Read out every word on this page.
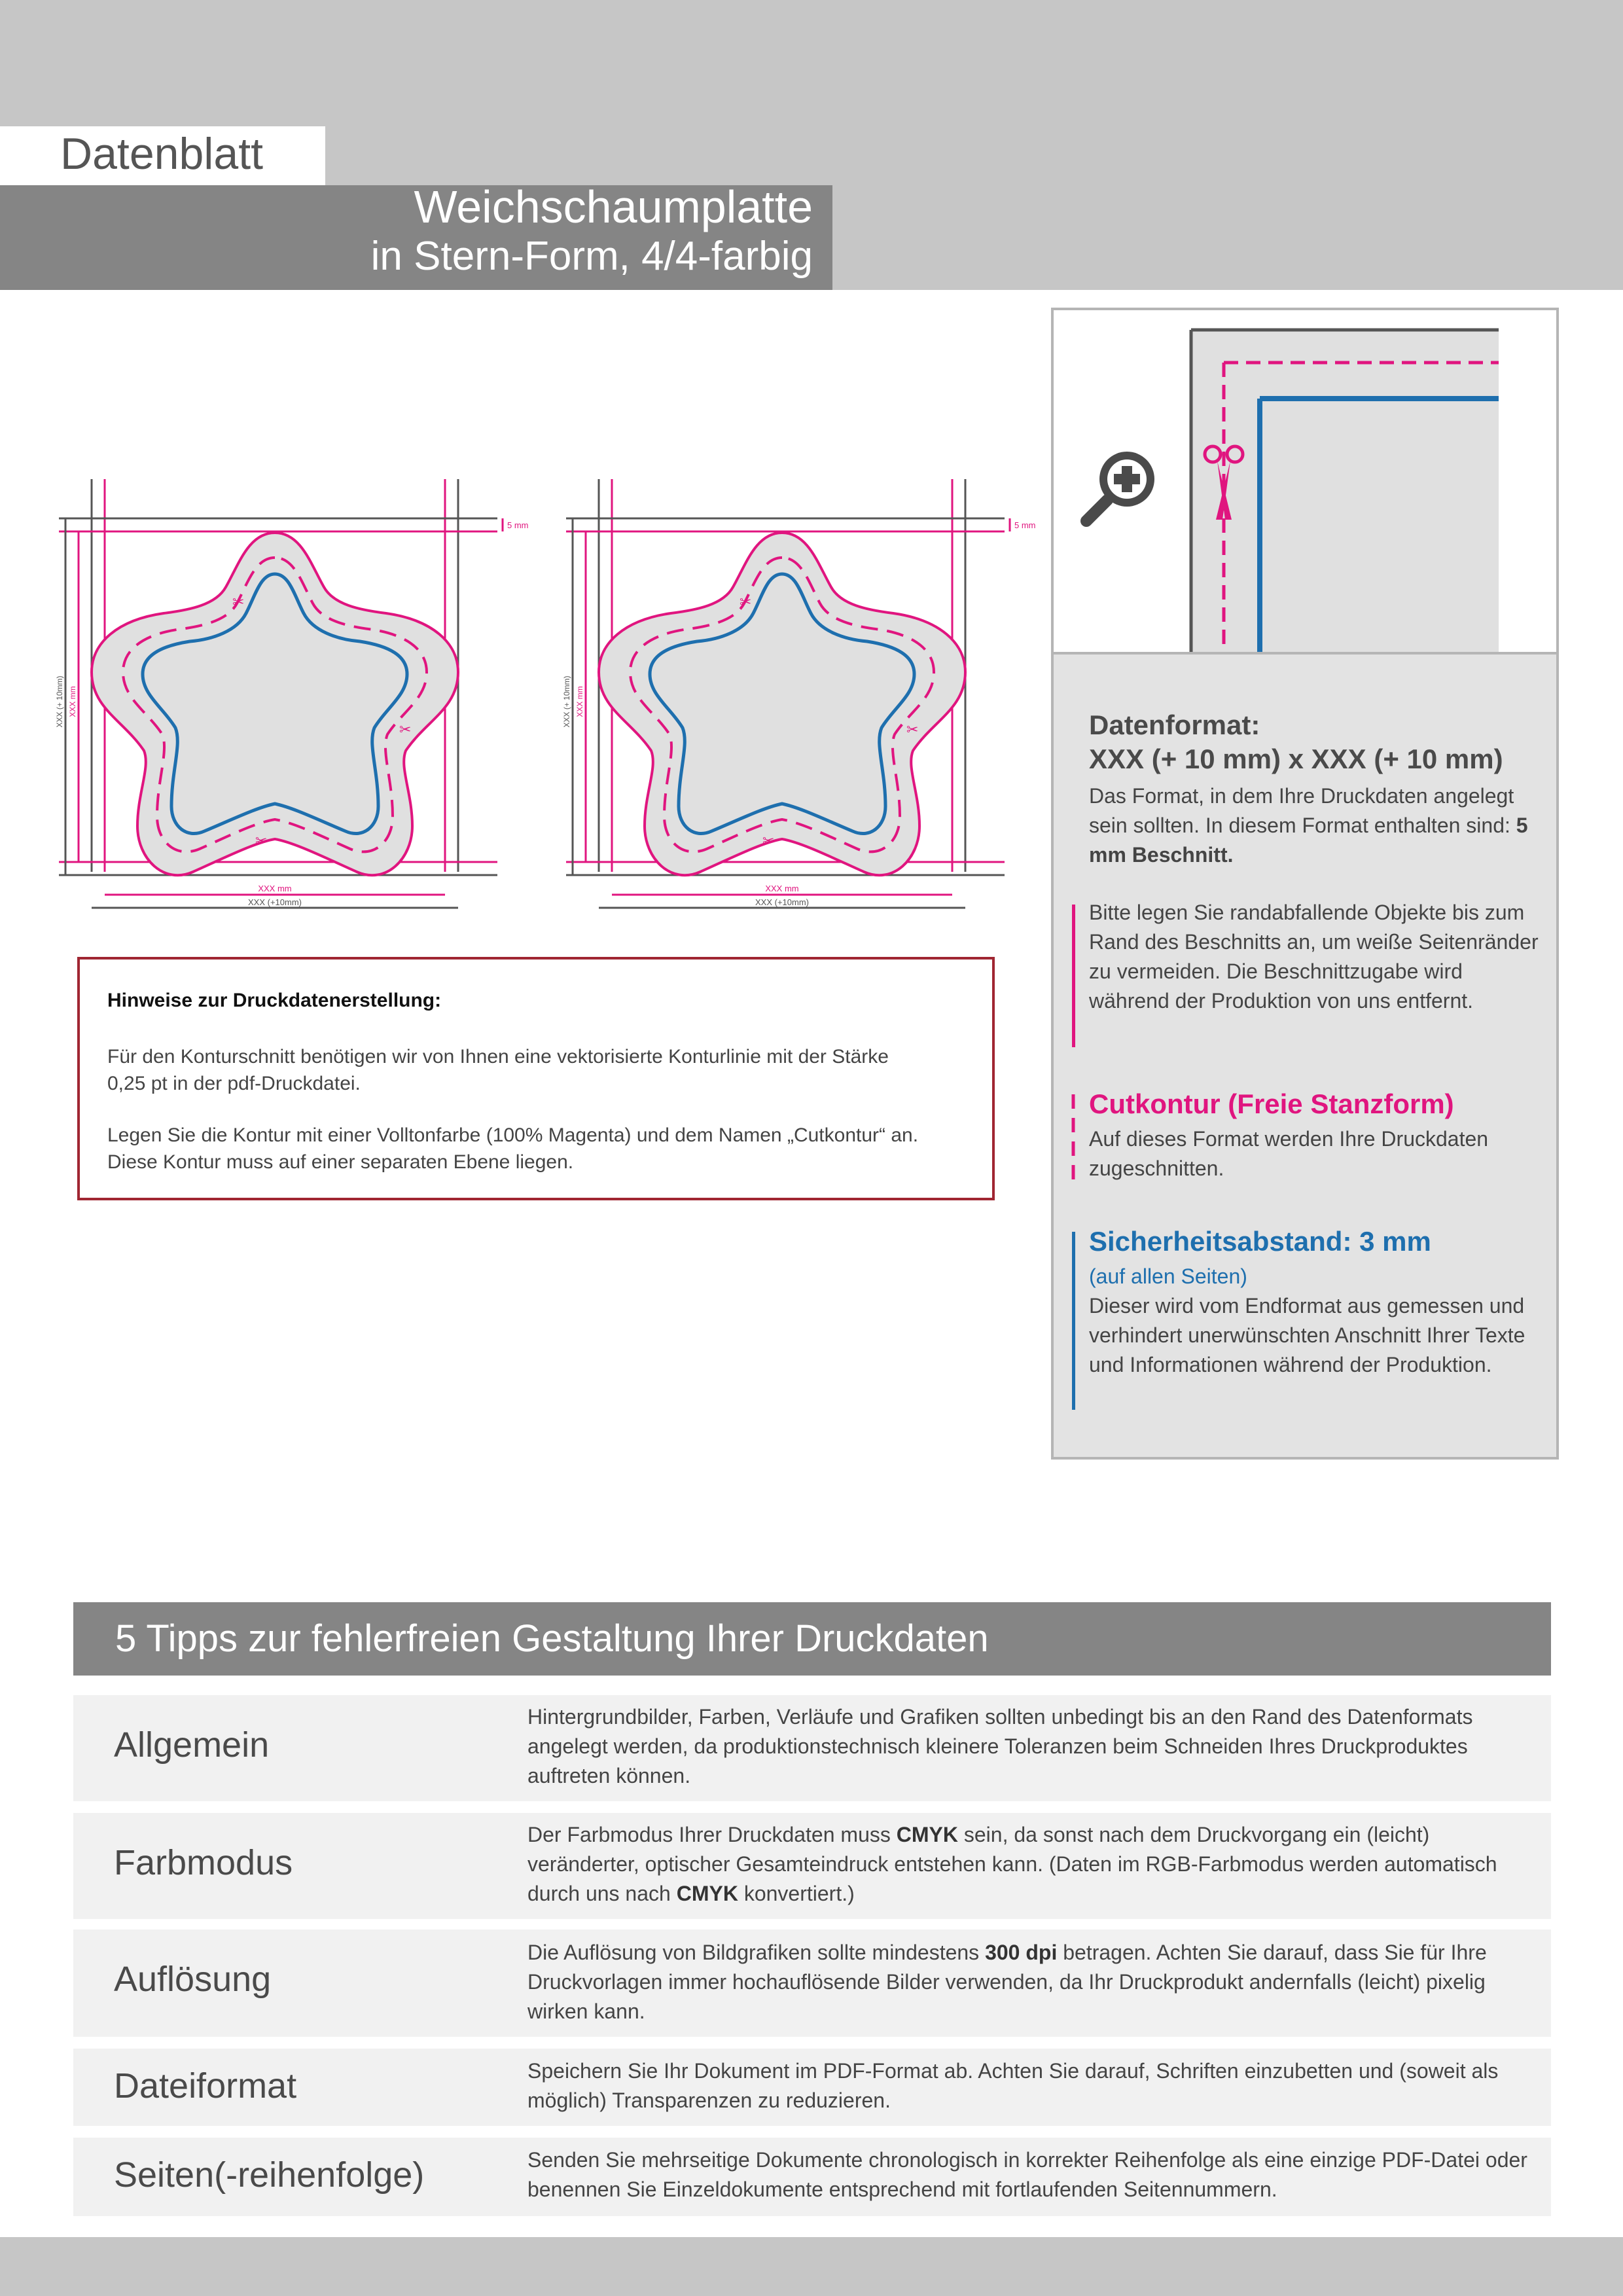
Datenblatt
Weichschaumplatte
in Stern-Form, 4/4-farbig
✂
XXX mm
XXX (+10mm)
5 mm
XXX mm
XXX (+ 10mm)
XXX mm
XXX (+10mm)
5 mm
XXX mm
XXX (+ 10mm)
Hinweise zur Druckdatenerstellung:
Für den Konturschnitt benötigen wir von Ihnen eine vektorisierte Konturlinie mit der Stärke 0,25 pt in der pdf-Druckdatei.
Legen Sie die Kontur mit einer Volltonfarbe (100% Magenta) und dem Namen „Cutkontur“ an. Diese Kontur muss auf einer separaten Ebene liegen.
Datenformat:
XXX (+ 10 mm) x XXX (+ 10 mm)
Das Format, in dem Ihre Druckdaten angelegt sein sollten. In diesem Format enthalten sind: 5 mm Beschnitt.
Bitte legen Sie randabfallende Objekte bis zum Rand des Beschnitts an, um weiße Seitenränder zu vermeiden. Die Beschnittzugabe wird während der Produktion von uns entfernt.
Cutkontur (Freie Stanzform)
Auf dieses Format werden Ihre Druckdaten zugeschnitten.
Sicherheitsabstand: 3 mm
(auf allen Seiten)
Dieser wird vom Endformat aus gemessen und verhindert unerwünschten Anschnitt Ihrer Texte und Informationen während der Produktion.
5 Tipps zur fehlerfreien Gestaltung Ihrer Druckdaten
Allgemein
Hintergrundbilder, Farben, Verläufe und Grafiken sollten unbedingt bis an den Rand des Datenformats angelegt werden, da produktionstechnisch kleinere Toleranzen beim Schneiden Ihres Druckproduktes auftreten können.
Farbmodus
Der Farbmodus Ihrer Druckdaten muss CMYK sein, da sonst nach dem Druckvorgang ein (leicht) veränderter, optischer Gesamteindruck entstehen kann. (Daten im RGB-Farbmodus werden automatisch durch uns nach CMYK konvertiert.)
Auflösung
Die Auflösung von Bildgrafiken sollte mindestens 300 dpi betragen. Achten Sie darauf, dass Sie für Ihre Druckvorlagen immer hochauflösende Bilder verwenden, da Ihr Druckprodukt andernfalls (leicht) pixelig wirken kann.
Dateiformat	Speichern Sie Ihr Dokument im PDF-Format ab. Achten Sie darauf, Schriften einzubetten und (soweit als möglich) Transparenzen zu reduzieren.
Seiten(-reihenfolge)	Senden Sie mehrseitige Dokumente chronologisch in korrekter Reihenfolge als eine einzige PDF-Datei oder benennen Sie Einzeldokumente entsprechend mit fortlaufenden Seitennummern.
